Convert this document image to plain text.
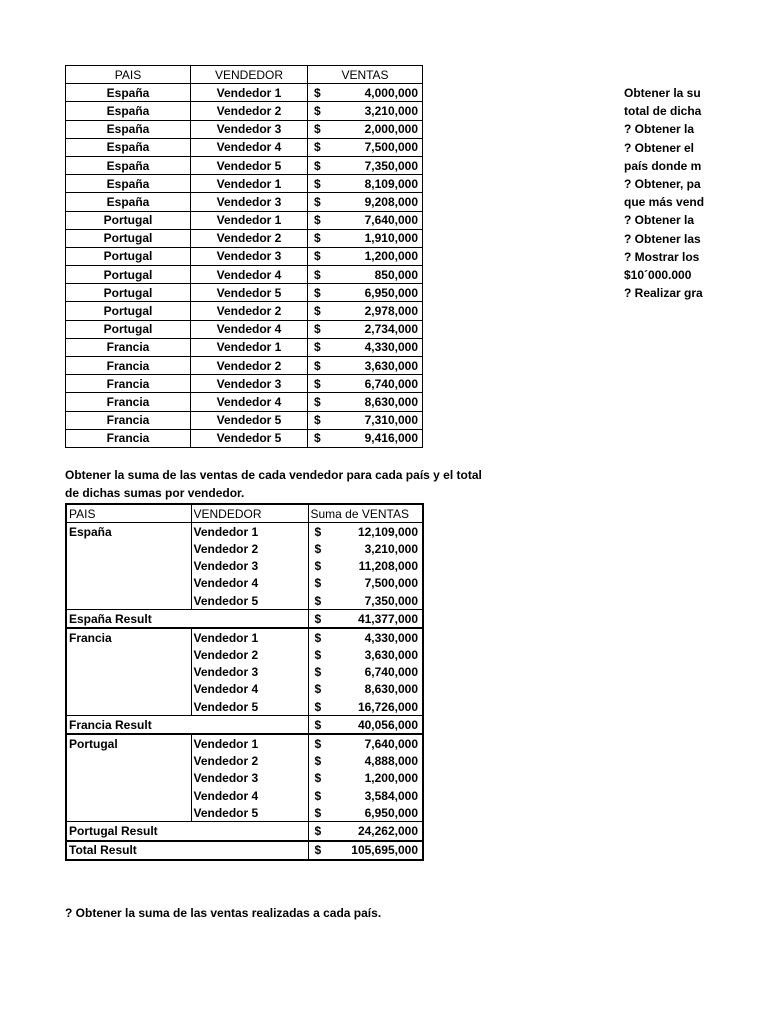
PAIS	VENDEDOR	VENTAS	
España	Vendedor 1	$	4,000,000
España	Vendedor 2	$	3,210,000
España	Vendedor 3	$	2,000,000
España	Vendedor 4	$	7,500,000
España	Vendedor 5	$	7,350,000
España	Vendedor 1	$	8,109,000
España	Vendedor 3	$	9,208,000
Portugal	Vendedor 1	$	7,640,000
Portugal	Vendedor 2	$	1,910,000
Portugal	Vendedor 3	$	1,200,000
Portugal	Vendedor 4	$	850,000
Portugal	Vendedor 5	$	6,950,000
Portugal	Vendedor 2	$	2,978,000
Portugal	Vendedor 4	$	2,734,000
Francia	Vendedor 1	$	4,330,000
Francia	Vendedor 2	$	3,630,000
Francia	Vendedor 3	$	6,740,000
Francia	Vendedor 4	$	8,630,000
Francia	Vendedor 5	$	7,310,000
Francia	Vendedor 5	$	9,416,000
Obtener la suma de las ventas de cada vendedor para cada país y el total de dichas sumas por vendedor.
PAIS	VENDEDOR	Suma de VENTAS	
España	Vendedor 1	$	12,109,000
	Vendedor 2	$	3,210,000
	Vendedor 3	$	11,208,000
	Vendedor 4	$	7,500,000
	Vendedor 5	$	7,350,000
España Result		$	41,377,000
Francia	Vendedor 1	$	4,330,000
	Vendedor 2	$	3,630,000
	Vendedor 3	$	6,740,000
	Vendedor 4	$	8,630,000
	Vendedor 5	$	16,726,000
Francia Result		$	40,056,000
Portugal	Vendedor 1	$	7,640,000
	Vendedor 2	$	4,888,000
	Vendedor 3	$	1,200,000
	Vendedor 4	$	3,584,000
	Vendedor 5	$	6,950,000
Portugal Result		$	24,262,000
Total Result		$	105,695,000
? Obtener la suma de las ventas realizadas a cada país.
Obtener la su
total de dicha
? Obtener la
? Obtener el
país donde m
? Obtener, pa
que más vend
? Obtener la
? Obtener las
? Mostrar los
$10´000.000
? Realizar gra
